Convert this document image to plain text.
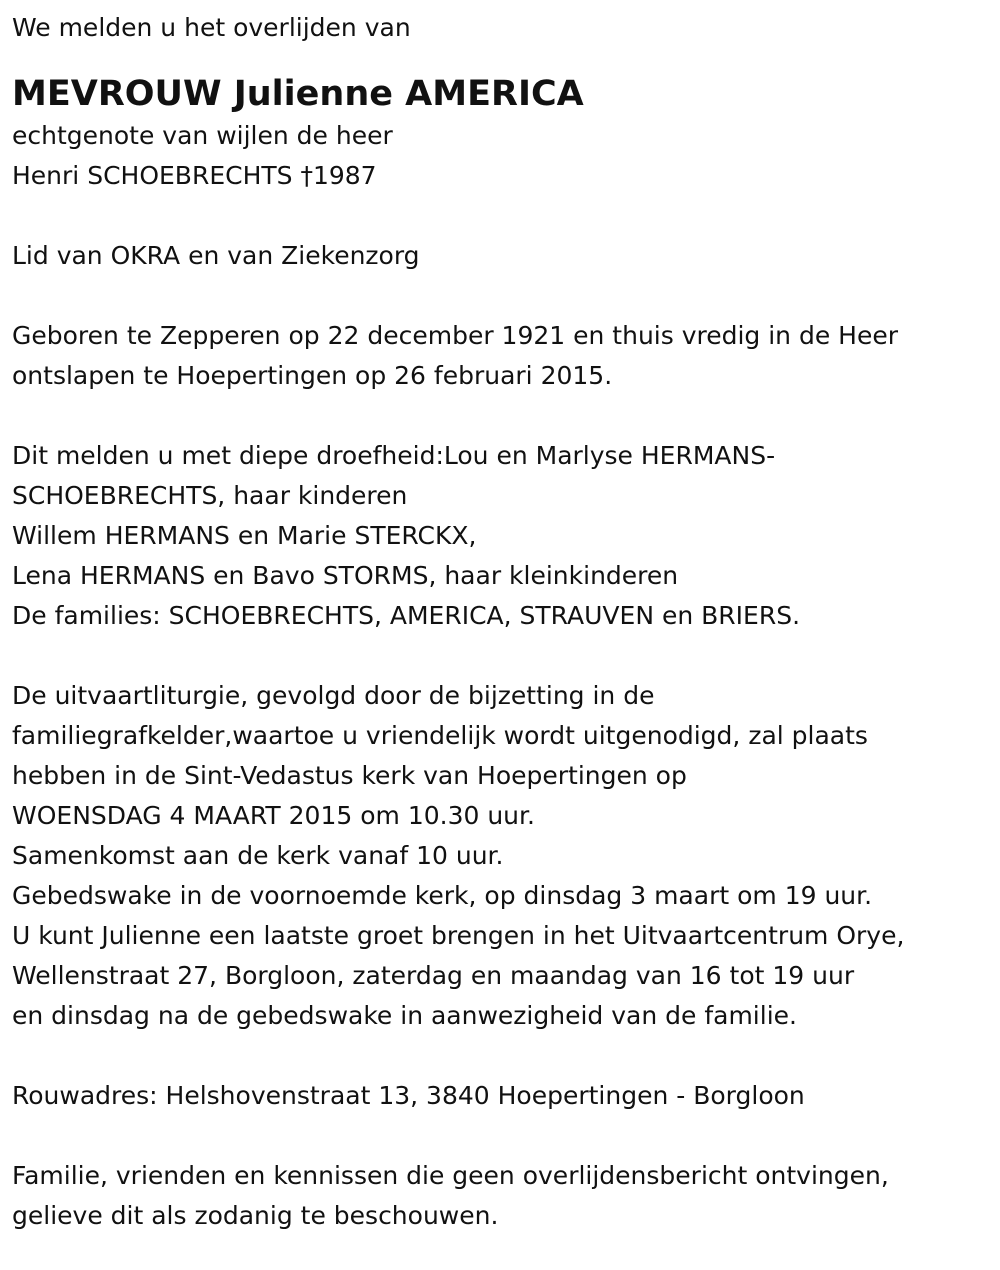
We melden u het overlijden van

MEVROUW Julienne AMERICA

echtgenote van wijlen de heer

Henri SCHOEBRECHTS †1987

Lid van OKRA en van Ziekenzorg

Geboren te Zepperen op 22 december 1921 en thuis vredig in de Heer

ontslapen te Hoepertingen op 26 februari 2015.

Dit melden u met diepe droefheid:Lou en Marlyse HERMANS-

SCHOEBRECHTS, haar kinderen

Willem HERMANS en Marie STERCKX,

Lena HERMANS en Bavo STORMS, haar kleinkinderen

De families: SCHOEBRECHTS, AMERICA, STRAUVEN en BRIERS.

De uitvaartliturgie, gevolgd door de bijzetting in de

familiegrafkelder,waartoe u vriendelijk wordt uitgenodigd, zal plaats

hebben in de Sint-Vedastus kerk van Hoepertingen op

WOENSDAG 4 MAART 2015 om 10.30 uur.

Samenkomst aan de kerk vanaf 10 uur.

Gebedswake in de voornoemde kerk, op dinsdag 3 maart om 19 uur.

U kunt Julienne een laatste groet brengen in het Uitvaartcentrum Orye,

Wellenstraat 27, Borgloon, zaterdag en maandag van 16 tot 19 uur

en dinsdag na de gebedswake in aanwezigheid van de familie.

Rouwadres: Helshovenstraat 13, 3840 Hoepertingen - Borgloon

Familie, vrienden en kennissen die geen overlijdensbericht ontvingen,

gelieve dit als zodanig te beschouwen.
